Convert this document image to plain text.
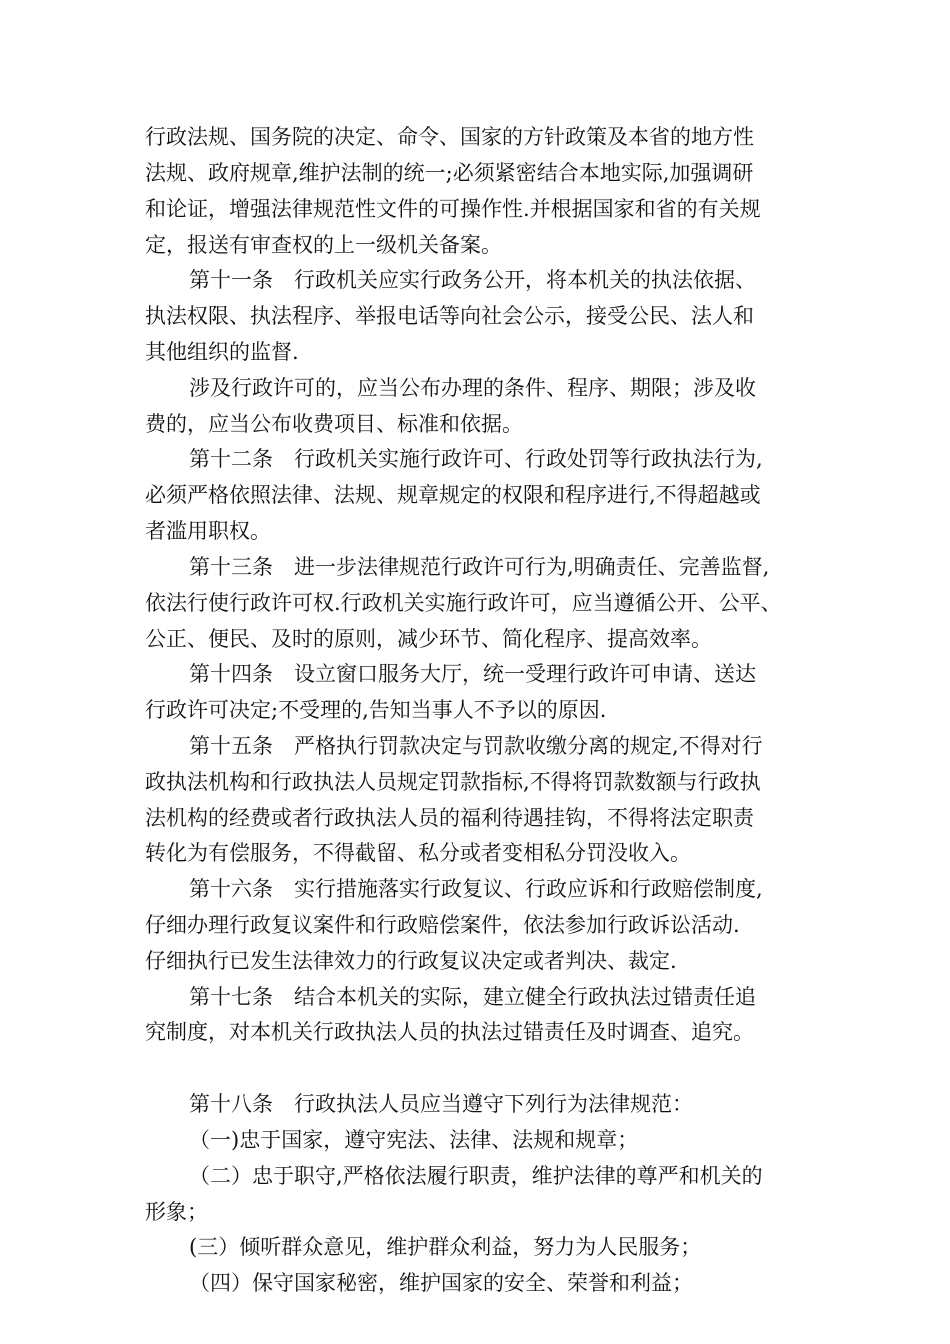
行政法规、国务院的决定、命令、国家的方针政策及本省的地方性
法规、政府规章,维护法制的统一;必须紧密结合本地实际,加强调研
和论证，增强法律规范性文件的可操作性.并根据国家和省的有关规
定，报送有审查权的上一级机关备案。
第十一条　行政机关应实行政务公开，将本机关的执法依据、
执法权限、执法程序、举报电话等向社会公示，接受公民、法人和
其他组织的监督.
涉及行政许可的，应当公布办理的条件、程序、期限；涉及收
费的，应当公布收费项目、标准和依据。
第十二条　行政机关实施行政许可、行政处罚等行政执法行为,
必须严格依照法律、法规、规章规定的权限和程序进行,不得超越或
者滥用职权。
第十三条　进一步法律规范行政许可行为,明确责任、完善监督,
依法行使行政许可权.行政机关实施行政许可，应当遵循公开、公平、
公正、便民、及时的原则，减少环节、简化程序、提高效率。
第十四条　设立窗口服务大厅，统一受理行政许可申请、送达
行政许可决定;不受理的,告知当事人不予以的原因.
第十五条　严格执行罚款决定与罚款收缴分离的规定,不得对行
政执法机构和行政执法人员规定罚款指标,不得将罚款数额与行政执
法机构的经费或者行政执法人员的福利待遇挂钩，不得将法定职责
转化为有偿服务，不得截留、私分或者变相私分罚没收入。
第十六条　实行措施落实行政复议、行政应诉和行政赔偿制度,
仔细办理行政复议案件和行政赔偿案件，依法参加行政诉讼活动.
仔细执行已发生法律效力的行政复议决定或者判决、裁定.
第十七条　结合本机关的实际，建立健全行政执法过错责任追
究制度，对本机关行政执法人员的执法过错责任及时调查、追究。
第十八条　行政执法人员应当遵守下列行为法律规范：
（一)忠于国家，遵守宪法、法律、法规和规章；
（二）忠于职守,严格依法履行职责，维护法律的尊严和机关的
形象；
(三）倾听群众意见，维护群众利益，努力为人民服务；
（四）保守国家秘密，维护国家的安全、荣誉和利益；
